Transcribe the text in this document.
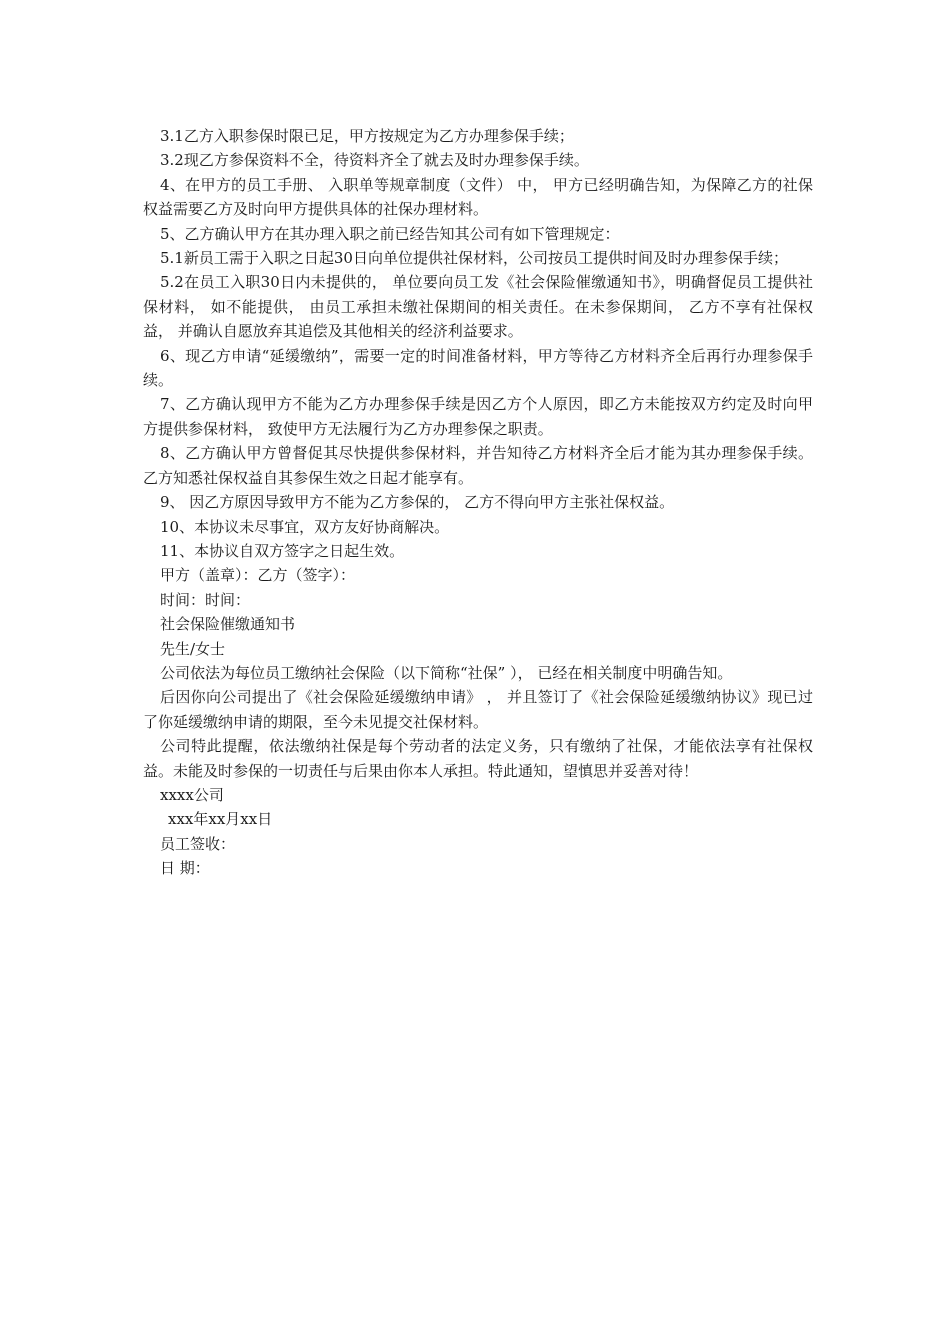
3.1乙方入职参保时限已足，甲方按规定为乙方办理参保手续；

3.2现乙方参保资料不全，待资料齐全了就去及时办理参保手续。

4、在甲方的员工手册、 入职单等规章制度（文件） 中， 甲方已经明确告知，为保障乙方的社保权益需要乙方及时向甲方提供具体的社保办理材料。

5、乙方确认甲方在其办理入职之前已经告知其公司有如下管理规定：

5.1新员工需于入职之日起30日向单位提供社保材料，公司按员工提供时间及时办理参保手续；

5.2在员工入职30日内未提供的， 单位要向员工发《社会保险催缴通知书》，明确督促员工提供社保材料， 如不能提供， 由员工承担未缴社保期间的相关责任。在未参保期间， 乙方不享有社保权益， 并确认自愿放弃其追偿及其他相关的经济利益要求。

6、现乙方申请“延缓缴纳”，需要一定的时间准备材料，甲方等待乙方材料齐全后再行办理参保手续。

7、乙方确认现甲方不能为乙方办理参保手续是因乙方个人原因，即乙方未能按双方约定及时向甲方提供参保材料， 致使甲方无法履行为乙方办理参保之职责。

8、乙方确认甲方曾督促其尽快提供参保材料，并告知待乙方材料齐全后才能为其办理参保手续。乙方知悉社保权益自其参保生效之日起才能享有。

9、 因乙方原因导致甲方不能为乙方参保的， 乙方不得向甲方主张社保权益。

10、本协议未尽事宜，双方友好协商解决。

11、本协议自双方签字之日起生效。

甲方（盖章）：乙方（签字）：

时间：时间：

社会保险催缴通知书

先生/女士

公司依法为每位员工缴纳社会保险（以下简称“社保” ）， 已经在相关制度中明确告知。

后因你向公司提出了《社会保险延缓缴纳申请》 ， 并且签订了《社会保险延缓缴纳协议》现已过了你延缓缴纳申请的期限，至今未见提交社保材料。

公司特此提醒，依法缴纳社保是每个劳动者的法定义务，只有缴纳了社保，才能依法享有社保权益。未能及时参保的一切责任与后果由你本人承担。特此通知，望慎思并妥善对待！

xxxx公司

xxx年xx月xx日

员工签收：

日 期：
